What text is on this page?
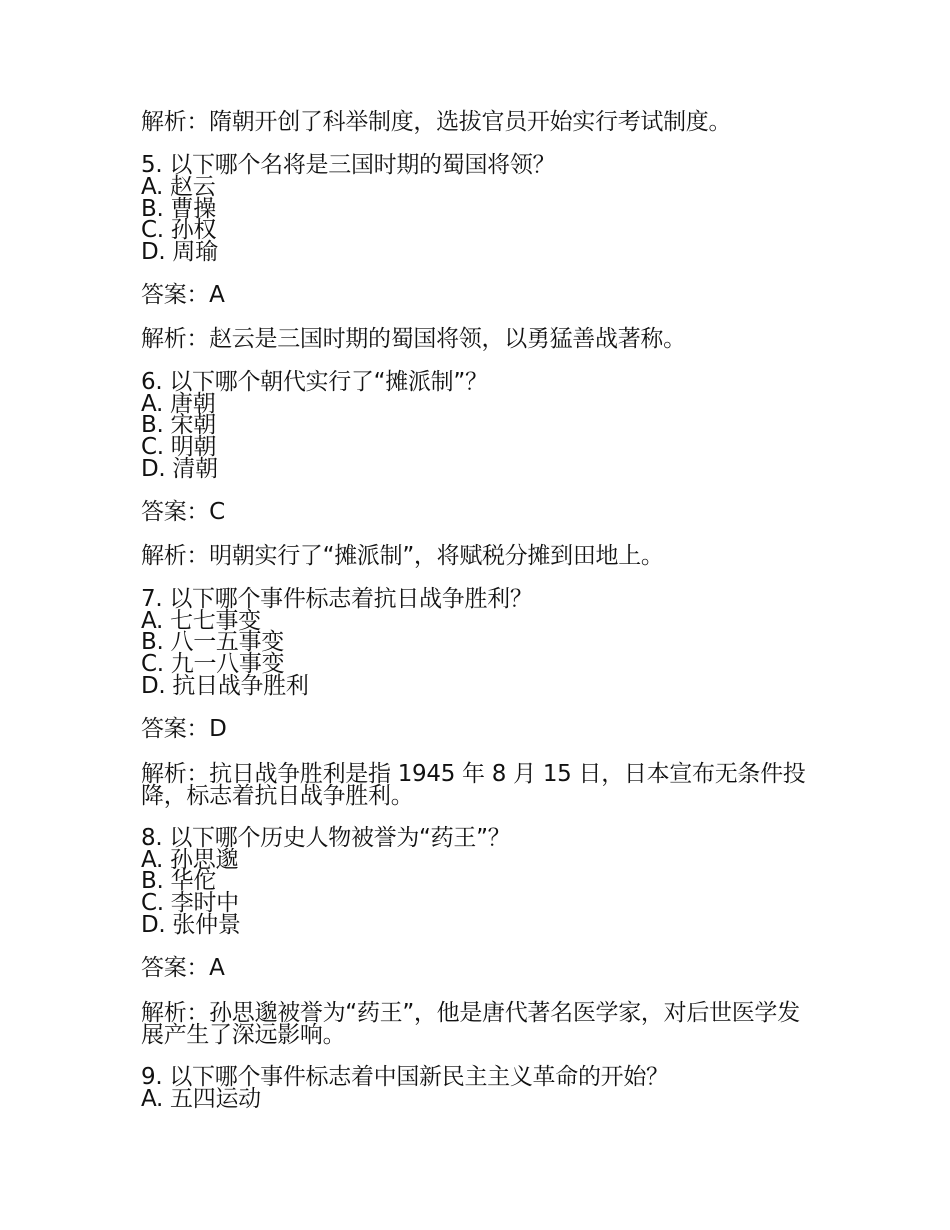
解析：隋朝开创了科举制度，选拔官员开始实行考试制度。
5. 以下哪个名将是三国时期的蜀国将领？
A. 赵云
B. 曹操
C. 孙权
D. 周瑜
答案：A
解析：赵云是三国时期的蜀国将领，以勇猛善战著称。
6. 以下哪个朝代实行了“摊派制”？
A. 唐朝
B. 宋朝
C. 明朝
D. 清朝
答案：C
解析：明朝实行了“摊派制”，将赋税分摊到田地上。
7. 以下哪个事件标志着抗日战争胜利？
A. 七七事变
B. 八一五事变
C. 九一八事变
D. 抗日战争胜利
答案：D
解析：抗日战争胜利是指 1945 年 8 月 15 日，日本宣布无条件投降，标志着抗日战争胜利。
8. 以下哪个历史人物被誉为“药王”？
A. 孙思邈
B. 华佗
C. 李时中
D. 张仲景
答案：A
解析：孙思邈被誉为“药王”，他是唐代著名医学家，对后世医学发展产生了深远影响。
9. 以下哪个事件标志着中国新民主主义革命的开始？
A. 五四运动
